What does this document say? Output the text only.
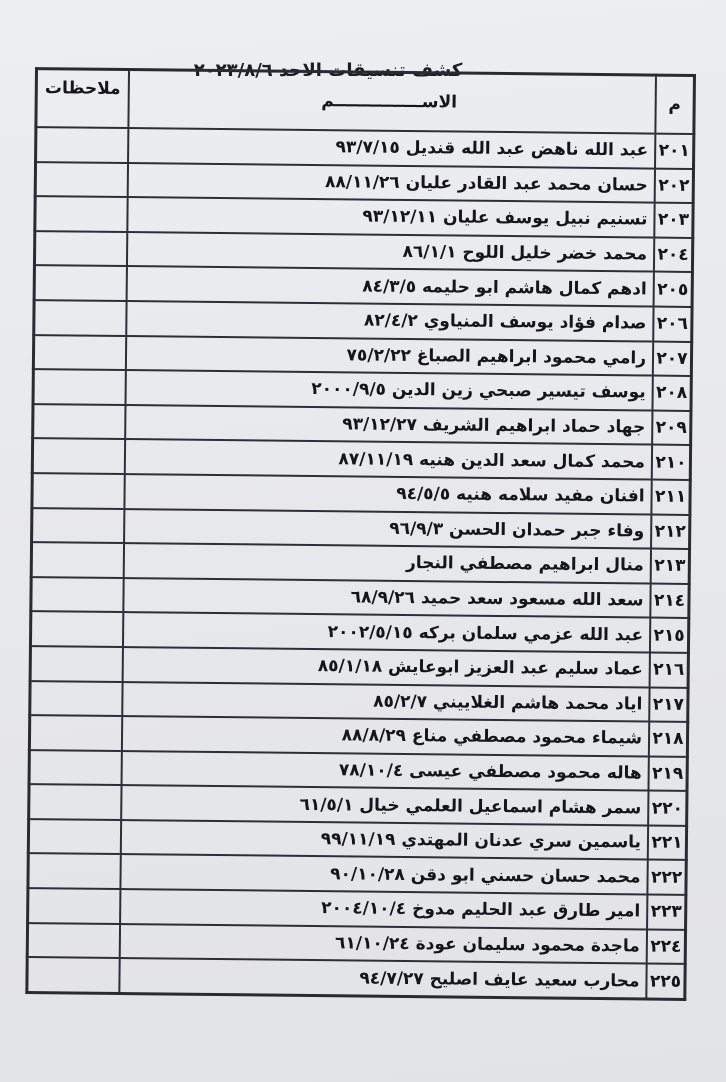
كشف تنسيقات الاحد ٢٠٢٣/٨/٦
م	الاســـــــــــــــم	ملاحظات
٢٠١	عبد الله ناهض عبد الله قنديل ٩٣/٧/١٥	
٢٠٢	حسان محمد عبد القادر عليان ٨٨/١١/٢٦	
٢٠٣	تسنيم نبيل يوسف عليان ٩٣/١٢/١١	
٢٠٤	محمد خضر خليل اللوح ٨٦/١/١	
٢٠٥	ادهم كمال هاشم ابو حليمه ٨٤/٣/٥	
٢٠٦	صدام فؤاد يوسف المنياوي ٨٢/٤/٢	
٢٠٧	رامي محمود ابراهيم الصباغ ٧٥/٢/٢٢	
٢٠٨	يوسف تيسير صبحي زين الدين ٢٠٠٠/٩/٥	
٢٠٩	جهاد حماد ابراهيم الشريف ٩٣/١٢/٢٧	
٢١٠	محمد كمال سعد الدين هنيه ٨٧/١١/١٩	
٢١١	افنان مفيد سلامه هنيه ٩٤/٥/٥	
٢١٢	وفاء جبر حمدان الحسن ٩٦/٩/٣	
٢١٣	منال ابراهيم مصطفي النجار	
٢١٤	سعد الله مسعود سعد حميد ٦٨/٩/٢٦	
٢١٥	عبد الله عزمي سلمان بركه ٢٠٠٢/٥/١٥	
٢١٦	عماد سليم عبد العزيز ابوعايش ٨٥/١/١٨	
٢١٧	اياد محمد هاشم الغلاييني ٨٥/٢/٧	
٢١٨	شيماء محمود مصطفي مناع ٨٨/٨/٢٩	
٢١٩	هاله محمود مصطفي عيسى ٧٨/١٠/٤	
٢٢٠	سمر هشام اسماعيل العلمي خيال ٦١/٥/١	
٢٢١	ياسمين سري عدنان المهتدي ٩٩/١١/١٩	
٢٢٢	محمد حسان حسني ابو دقن ٩٠/١٠/٢٨	
٢٢٣	امير طارق عبد الحليم مدوخ ٢٠٠٤/١٠/٤	
٢٢٤	ماجدة محمود سليمان عودة ٦١/١٠/٢٤	
٢٢٥	محارب سعيد عايف اصليح ٩٤/٧/٢٧	
